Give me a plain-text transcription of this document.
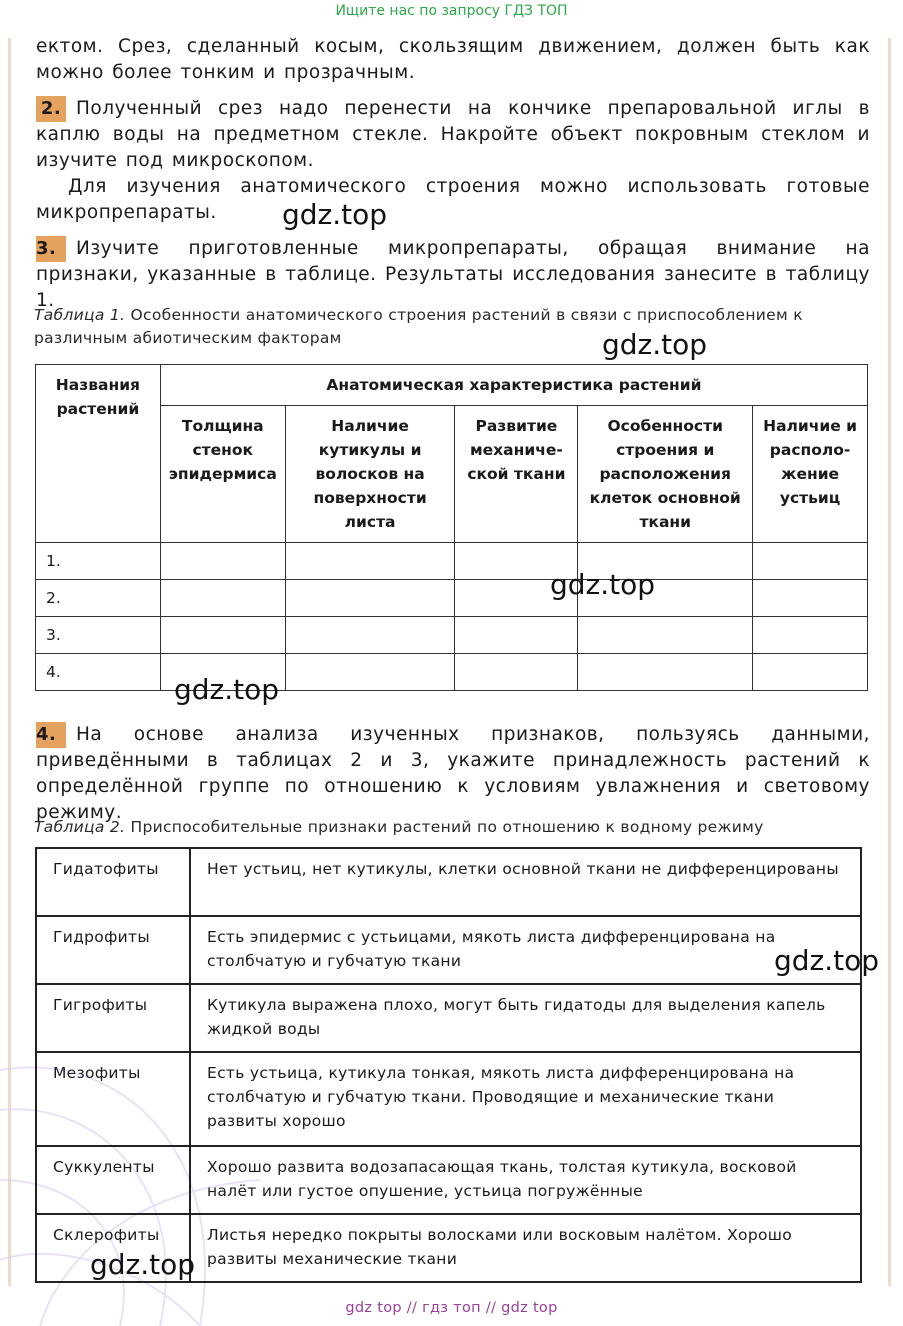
Ищите нас по запросу ГДЗ ТОП
ектом. Срез, сделанный косым, скользящим движением, должен быть как можно более тонким и прозрачным.
2. Полученный срез надо перенести на кончике препаровальной иглы в каплю воды на предметном стекле. Накройте объект покровным стеклом и изучите под микроскопом.
Для изучения анатомического строения можно использовать готовые микропрепараты.
3. Изучите приготовленные микропрепараты, обращая внимание на признаки, указанные в таблице. Результаты исследования занесите в таблицу 1.
Таблица 1. Особенности анатомического строения растений в связи с приспособлением к различным абиотическим факторам
Названия растений	Анатомическая характеристика растений				
	Толщина стенок эпидермиса	Наличие кутикулы и волосков на поверхности листа	Развитие механической ткани	Особенности строения и расположения клеток основной ткани	Наличие и расположение устьиц
1.					
2.					
3.					
4.					
4. На основе анализа изученных признаков, пользуясь данными, приведёнными в таблицах 2 и 3, укажите принадлежность растений к определённой группе по отношению к условиям увлажнения и световому режиму.
Таблица 2. Приспособительные признаки растений по отношению к водному режиму
Гидатофиты	Нет устьиц, нет кутикулы, клетки основной ткани не дифференцированы
Гидрофиты	Есть эпидермис с устьицами, мякоть листа дифференцирована на столбчатую и губчатую ткани
Гигрофиты	Кутикула выражена плохо, могут быть гидатоды для выделения капель жидкой воды
Мезофиты	Есть устьица, кутикула тонкая, мякоть листа дифференцирована на столбчатую и губчатую ткани. Проводящие и механические ткани развиты хорошо
Суккуленты	Хорошо развита водозапасающая ткань, толстая кутикула, восковой налёт или густое опушение, устьица погружённые
Склерофиты	Листья нередко покрыты волосками или восковым налётом. Хорошо развиты механические ткани
gdz.top
gdz.top
gdz.top
gdz.top
gdz.top
gdz.top
gdz top // гдз топ // gdz top
